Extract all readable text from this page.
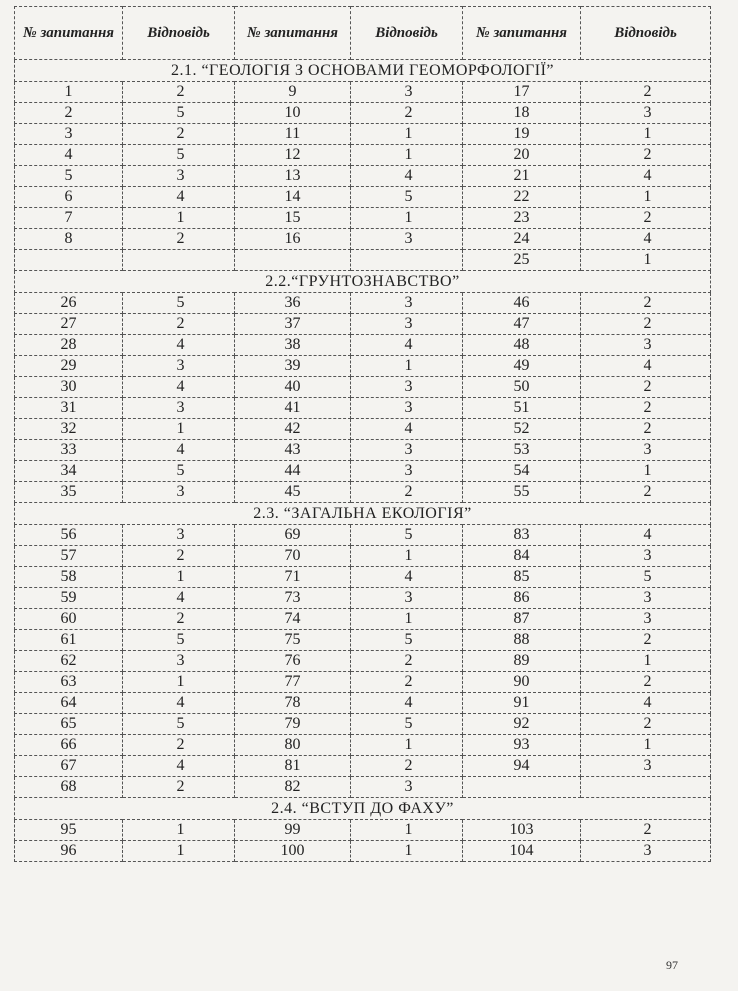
№ запитання	Відповідь	№ запитання	Відповідь	№ запитання	Відповідь
2.1. “ГЕОЛОГІЯ З ОСНОВАМИ ГЕОМОРФОЛОГІЇ”					
1	2	9	3	17	2
2	5	10	2	18	3
3	2	11	1	19	1
4	5	12	1	20	2
5	3	13	4	21	4
6	4	14	5	22	1
7	1	15	1	23	2
8	2	16	3	24	4
				25	1
2.2.“ГРУНТОЗНАВСТВО”					
26	5	36	3	46	2
27	2	37	3	47	2
28	4	38	4	48	3
29	3	39	1	49	4
30	4	40	3	50	2
31	3	41	3	51	2
32	1	42	4	52	2
33	4	43	3	53	3
34	5	44	3	54	1
35	3	45	2	55	2
2.3. “ЗАГАЛЬНА ЕКОЛОГІЯ”					
56	3	69	5	83	4
57	2	70	1	84	3
58	1	71	4	85	5
59	4	73	3	86	3
60	2	74	1	87	3
61	5	75	5	88	2
62	3	76	2	89	1
63	1	77	2	90	2
64	4	78	4	91	4
65	5	79	5	92	2
66	2	80	1	93	1
67	4	81	2	94	3
68	2	82	3		
2.4. “ВСТУП ДО ФАХУ”					
95	1	99	1	103	2
96	1	100	1	104	3
97
